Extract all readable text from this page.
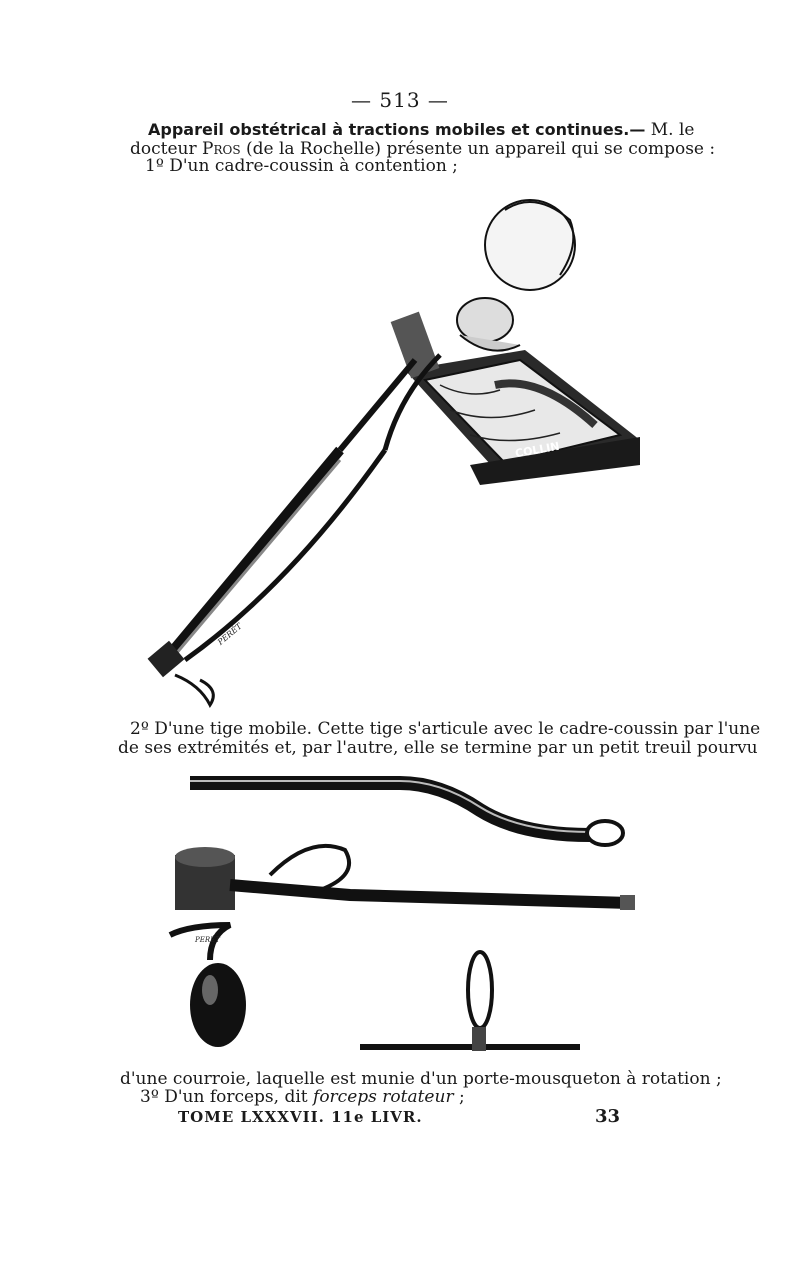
— 513 —
Appareil obstétrical à tractions mobiles et continues.— M. le
docteur Pros (de la Rochelle) présente un appareil qui se compose :
1º D'un cadre-coussin à contention ;
COLLIN
PERÉT
2º D'une tige mobile. Cette tige s'articule avec le cadre-coussin par l'une
de ses extrémités et, par l'autre, elle se termine par un petit treuil pourvu
COLLIN
PERÉT
d'une courroie, laquelle est munie d'un porte-mousqueton à rotation ;
3º D'un forceps, dit forceps rotateur ;
TOME LXXXVII. 11e LIVR.	33
